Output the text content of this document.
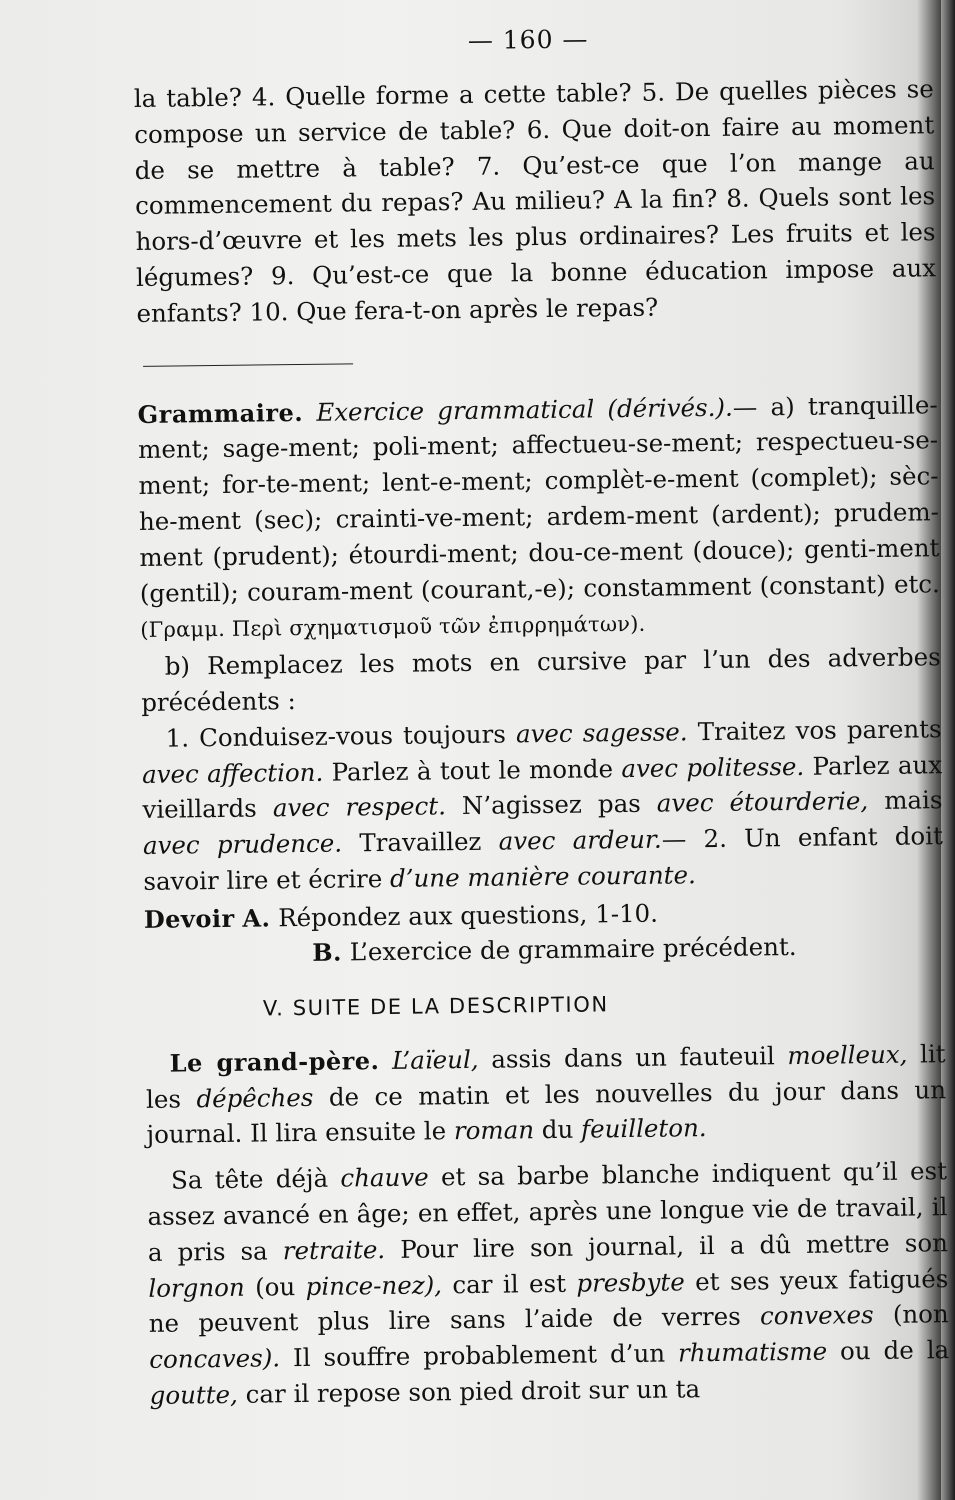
— 160 —

la table? 4. Quelle forme a cette table? 5. De quelles pièces se compose un service de table? 6. Que doit-on faire au moment de se mettre à table? 7. Qu’est-ce que l’on mange au commencement du repas? Au milieu? A la fin? 8. Quels sont les hors-d’œuvre et les mets les plus ordinaires? Les fruits et les légumes? 9. Qu’est-ce que la bonne éducation impose aux enfants? 10. Que fera-t-on après le repas?

Grammaire. Exercice grammatical (dérivés.).— a) tranquille-ment; sage-ment; poli-ment; affectueu-se-ment; respectueu-se-ment; for-te-ment; lent-e-ment; complèt-e-ment (complet); sèc-he-ment (sec); crainti-ve-ment; ardem-ment (ardent); prudem-ment (prudent); étourdi-ment; dou-ce-ment (douce); genti-ment (gentil); couram-ment (courant,-e); constamment (constant) etc.(Γραμμ. Περὶ σχηματισμοῦ τῶν ἐπιρρημάτων).

b) Remplacez les mots en cursive par l’un des adverbes précédents :

1. Conduisez-vous toujours avec sagesse. Traitez vos parents avec affection. Parlez à tout le monde avec politesse. Parlez aux vieillards avec respect. N’agissez pas avec étourderie, mais avec prudence. Travaillez avec ardeur.— 2. Un enfant doit savoir lire et écrire d’une manière courante.

Devoir A. Répondez aux questions, 1-10.
B. L’exercice de grammaire précédent.
V. SUITE DE LA DESCRIPTION

Le grand-père. L’aïeul, assis dans un fauteuil moelleux, lit les dépêches de ce matin et les nouvelles du jour dans un journal. Il lira ensuite le roman du feuilleton.

Sa tête déjà chauve et sa barbe blanche indiquent qu’il est assez avancé en âge; en effet, après une longue vie de travail, il a pris sa retraite. Pour lire son journal, il a dû mettre son lorgnon (ou pince-nez), car il est presbyte et ses yeux fatigués ne peuvent plus lire sans l’aide de verres convexes (non concaves). Il souffre probablement d’un rhumatisme ou de la goutte, car il repose son pied droit sur un ta
